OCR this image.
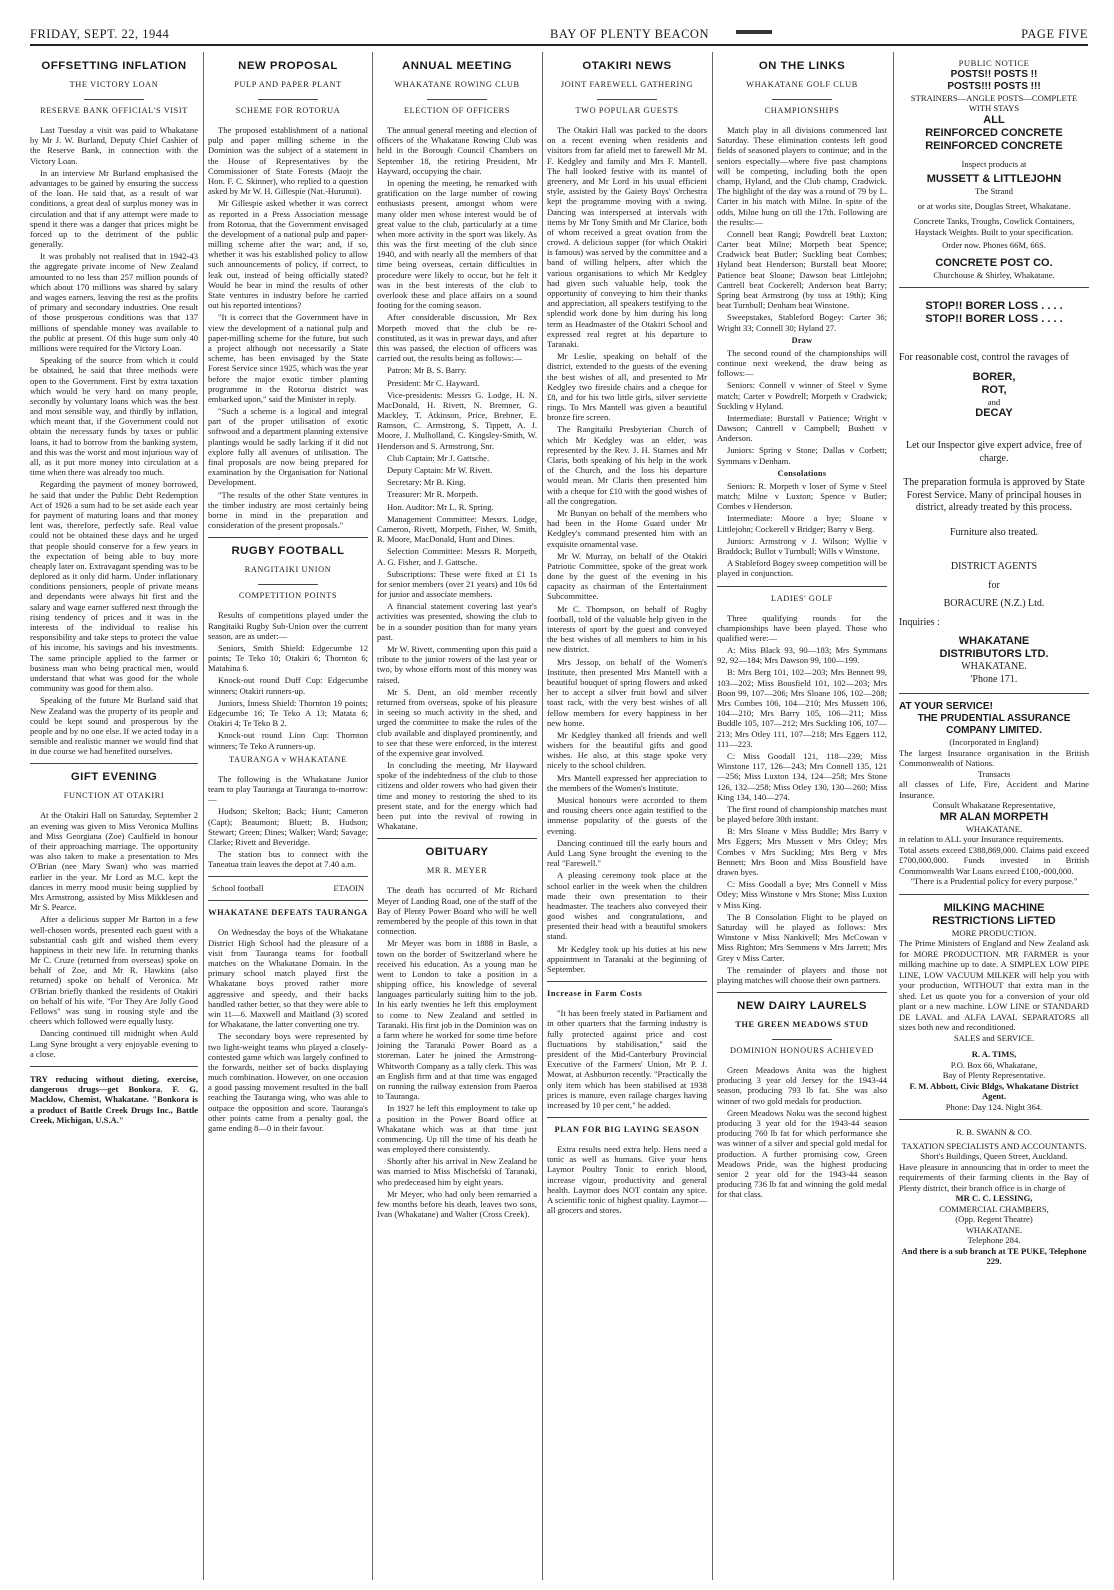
FRIDAY, SEPT. 22, 1944	BAY OF PLENTY BEACON	PAGE FIVE
OFFSETTING INFLATION
THE VICTORY LOAN
RESERVE BANK OFFICIAL'S VISIT

Last Tuesday a visit was paid to Whakatane by Mr J. W. Burland, Deputy Chief Cashier of the Reserve Bank, in connection with the Victory Loan.

In an interview Mr Burland emphasised the advantages to be gained by ensuring the success of the loan. He said that, as a result of war conditions, a great deal of surplus money was in circulation and that if any attempt were made to spend it there was a danger that prices might be forced up to the detriment of the public generally.

It was probably not realised that in 1942-43 the aggregate private income of New Zealand amounted to no less than 257 million pounds of which about 170 millions was shared by salary and wages earners, leaving the rest as the profits of primary and secondary industries. One result of those prosperous conditions was that 137 millions of spendable money was available to the public at present. Of this huge sum only 40 millions were required for the Victory Loan.

Speaking of the source from which it could be obtained, he said that three methods were open to the Government. First by extra taxation which would be very hard on many people, secondly by voluntary loans which was the best and most sensible way, and thirdly by inflation, which meant that, if the Government could not obtain the necessary funds by taxes or public loans, it had to borrow from the banking system, and this was the worst and most injurious way of all, as it put more money into circulation at a time when there was already too much.

Regarding the payment of money borrowed, he said that under the Public Debt Redemption Act of 1926 a sum had to be set aside each year for payment of maturing loans and that money lent was, therefore, perfectly safe. Real value could not be obtained these days and he urged that people should conserve for a few years in the expectation of being able to buy more cheaply later on. Extravagant spending was to be deplored as it only did harm. Under inflationary conditions pensioners, people of private means and dependants were always hit first and the salary and wage earner suffered next through the rising tendency of prices and it was in the interests of the individual to realise his responsibility and take steps to protect the value of his income, his savings and his investments. The same principle applied to the farmer or business man who being practical men, would understand that what was good for the whole community was good for them also.

Speaking of the future Mr Burland said that New Zealand was the property of its people and could be kept sound and prosperous by the people and by no one else. If we acted today in a sensible and realistic manner we would find that in due course we had benefited ourselves.

GIFT EVENING
FUNCTION AT OTAKIRI

At the Otakiri Hall on Saturday, September 2 an evening was given to Miss Veronica Mullins and Miss Georgiana (Zoe) Caulfield in honour of their approaching marriage. The opportunity was also taken to make a presentation to Mrs O'Brian (nee Mary Swan) who was married earlier in the year. Mr Lord as M.C. kept the dances in merry mood music being supplied by Mrs Armstrong, assisted by Miss Mikklesen and Mr S. Pearce.

After a delicious supper Mr Barton in a few well-chosen words, presented each guest with a substantial cash gift and wished them every happiness in their new life. In returning thanks Mr C. Cruze (returned from overseas) spoke on behalf of Zoe, and Mr R. Hawkins (also returned) spoke on behalf of Veronica. Mr O'Brian briefly thanked the residents of Otakiri on behalf of his wife. "For They Are Jolly Good Fellows" was sung in rousing style and the cheers which followed were equally lusty.

Dancing continued till midnight when Auld Lang Syne brought a very enjoyable evening to a close.

TRY reducing without dieting, exercise, dangerous drugs—get Bonkora. F. G. Macklow, Chemist, Whakatane. "Bonkora is a product of Battle Creek Drugs Inc., Battle Creek, Michigan, U.S.A."

NEW PROPOSAL
PULP AND PAPER PLANT
SCHEME FOR ROTORUA

The proposed establishment of a national pulp and paper milling scheme in the Dominion was the subject of a statement in the House of Representatives by the Commissioner of State Forests (Maojr the Hon. F. C. Skinner), who replied to a question asked by Mr W. H. Gillespie (Nat.-Hurunui).

Mr Gillespie asked whether it was correct as reported in a Press Association message from Rotorua, that the Government envisaged the development of a national pulp and paper-milling scheme after the war; and, if so, whether it was his established policy to allow such announcements of policy, if correct, to leak out, instead of being officially stated? Would he bear in mind the results of other State ventures in industry before he carried out his reported intentions?

"It is correct that the Government have in view the development of a national pulp and paper-milling scheme for the future, but such a project although not necessarily a State scheme, has been envisaged by the State Forest Service since 1925, which was the year before the major exotic timber planting programme in the Rotorua district was embarked upon," said the Minister in reply.

"Such a scheme is a logical and integral part of the proper utilisation of exotic softwood and a department planning extensive plantings would be sadly lacking if it did not explore fully all avenues of utilisation. The final proposals are now being prepared for examination by the Organisation for National Development.

"The results of the other State ventures in the timber industry are most certainly being borne in mind in the preparation and consideration of the present proposals."

RUGBY FOOTBALL
RANGITAIKI UNION
COMPETITION POINTS

Results of competitions played under the Rangitaiki Rugby Sub-Union over the current season, are as under:—

Seniors, Smith Shield: Edgecumbe 12 points; Te Teko 10; Otakiri 6; Thornton 6; Matahina 6.

Knock-out round Duff Cup: Edgecumbe winners; Otakiri runners-up.

Juniors, Inness Shield: Thornton 19 points; Edgecumbe 16; Te Teko A 13; Matata 6; Otakiri 4; Te Teko B 2.

Knock-out round Lion Cup: Thornton winners; Te Teko A runners-up.

TAURANGA v WHAKATANE

The following is the Whakatane Junior team to play Tauranga at Tauranga to-morrow:—

Hudson; Skelton; Back; Hunt; Cameron (Capt); Beaumont; Bluett; B. Hudson; Stewart; Green; Dines; Walker; Ward; Savage; Clarke; Rivett and Beveridge.

The station bus to connect with the Taneatua train leaves the depot at 7.40 a.m.

School football	ETAOIN
WHAKATANE DEFEATS TAURANGA

On Wednesday the boys of the Whakatane District High School had the pleasure of a visit from Tauranga teams for football matches on the Whakatane Domain. In the primary school match played first the Whakatane boys proved rather more aggressive and speedy, and their backs handled rather better, so that they were able to win 11—6. Maxwell and Maitland (3) scored for Whakatane, the latter converting one try.

The secondary boys were represented by two light-weight teams who played a closely-contested game which was largely confined to the forwards, neither set of backs displaying much combination. However, on one occasion a good passing movement resulted in the ball reaching the Tauranga wing, who was able to outpace the opposition and score. Tauranga's other points came from a penalty goal, the game ending 8—0 in their favour.

ANNUAL MEETING
WHAKATANE ROWING CLUB
ELECTION OF OFFICERS

The annual general meeting and election of officers of the Whakatane Rowing Club was held in the Borough Council Chambers on September 18, the retiring President, Mr Hayward, occupying the chair.

In opening the meeting, he remarked with gratification on the large number of rowing enthusiasts present, amongst whom were many older men whose interest would be of great value to the club, particularly at a time when more activity in the sport was likely. As this was the first meeting of the club since 1940, and with nearly all the members of that time being overseas, certain difficulties in procedure were likely to occur, but he felt it was in the best interests of the club to overlook these and place affairs on a sound footing for the coming season.

After considerable discussion, Mr Rex Morpeth moved that the club be re-constituted, as it was in prewar days, and after this was passed, the election of officers was carried out, the results being as follows:—

Patron: Mr B. S. Barry.

President: Mr C. Hayward.

Vice-presidents: Messrs G. Lodge, H. N. MacDonald, H. Rivett, N. Bremner, G. Mackley, T. Atkinson, Price, Brebner, E. Ramson, C. Armstrong, S. Tippett, A. J. Moore, J. Mulholland, C. Kingsley-Smith, W. Henderson and S. Armstrong, Snr.

Club Captain: Mr J. Gattsche.

Deputy Captain: Mr W. Rivett.

Secretary: Mr B. King.

Treasurer: Mr R. Morpeth.

Hon. Auditor: Mr L. R. Spring.

Management Committee: Messrs. Lodge, Cameron, Rivett, Morpeth, Fisher, W. Smith, R. Moore, MacDonald, Hunt and Dines.

Selection Committee: Messrs R. Morpeth, A. G. Fisher, and J. Gattsche.

Subscriptions: These were fixed at £1 1s for senior members (over 21 years) and 10s 6d for junior and associate members.

A financial statement covering last year's activities was presented, showing the club to be in a sounder position than for many years past.

Mr W. Rivett, commenting upon this paid a tribute to the junior rowers of the last year or two, by whose efforts most of this money was raised.

Mr S. Dent, an old member recently returned from overseas, spoke of his pleasure in seeing so much activity in the shed, and urged the committee to make the rules of the club available and displayed prominently, and to see that these were enforced, in the interest of the expensive gear involved.

In concluding the meeting, Mr Hayward spoke of the indebtedness of the club to those citizens and older rowers who had given their time and money to restoring the shed to its present state, and for the energy which had been put into the revival of rowing in Whakatane.

OBITUARY
MR R. MEYER

The death has occurred of Mr Richard Meyer of Landing Road, one of the staff of the Bay of Plenty Power Board who will be well remembered by the people of this town in that connection.

Mr Meyer was born in 1888 in Basle, a town on the border of Switzerland where he received his education. As a young man he went to London to take a position in a shipping office, his knowledge of several languages particularly suiting him to the job. In his early twenties he left this employment to come to New Zealand and settled in Taranaki. His first job in the Dominion was on a farm where he worked for some time before joining the Taranaki Power Board as a storeman. Later he joined the Armstrong-Whitworth Company as a tally clerk. This was an English firm and at that time was engaged on running the railway extension from Paeroa to Tauranga.

In 1927 he left this employment to take up a position in the Power Board office at Whakatane which was at that time just commencing. Up till the time of his death he was employed there consistently.

Shortly after his arrival in New Zealand he was married to Miss Mischefski of Taranaki, who predeceased him by eight years.

Mr Meyer, who had only been remarried a few months before his death, leaves two sons, Ivan (Whakatane) and Walter (Cross Creek).

OTAKIRI NEWS
JOINT FAREWELL GATHERING
TWO POPULAR GUESTS

The Otakiri Hall was packed to the doors on a recent evening when residents and visitors from far afield met to farewell Mr M. F. Kedgley and family and Mrs F. Mantell. The hall looked festive with its mantel of greenery, and Mr Lord in his usual efficient style, assisted by the Gaiety Boys' Orchestra kept the programme moving with a swing. Dancing was interspersed at intervals with items by Mr Tony Smith and Mr Clarice, both of whom received a great ovation from the crowd. A delicious supper (for which Otakiri is famous) was served by the committee and a band of willing helpers, after which the various organisations to which Mr Kedgley had given such valuable help, took the opportunity of conveying to him their thanks and appreciation, all speakers testifying to the splendid work done by him during his long term as Headmaster of the Otakiri School and expressed real regret at his departure to Taranaki.

Mr Leslie, speaking on behalf of the district, extended to the guests of the evening the best wishes of all, and presented to Mr Kedgley two fireside chairs and a cheque for £8, and for his two little girls, silver serviette rings. To Mrs Mantell was given a beautiful bronze fire screen.

The Rangitaiki Presbyterian Church of which Mr Kedgley was an elder, was represented by the Rev. J. H. Starnes and Mr Claris, both speaking of his help in the work of the Church, and the loss his departure would mean. Mr Claris then presented him with a cheque for £10 with the good wishes of all the congregation.

Mr Bunyan on behalf of the members who had been in the Home Guard under Mr Kedgley's command presented him with an exquisite ornamental vase.

Mr W. Murray, on behalf of the Otakiri Patriotic Committee, spoke of the great work done by the guest of the evening in his capacity as chairman of the Entertainment Subcommittee.

Mr C. Thompson, on behalf of Rugby football, told of the valuable help given in the interests of sport by the guest and conveyed the best wishes of all members to him in his new district.

Mrs Jessop, on behalf of the Women's Institute, then presented Mrs Mantell with a beautiful bouquet of spring flowers and asked her to accept a silver fruit bowl and silver toast rack, with the very best wishes of all fellow members for every happiness in her new home.

Mr Kedgley thanked all friends and well wishers for the beautiful gifts and good wishes. He also, at this stage spoke very nicely to the school children.

Mrs Mantell expressed her appreciation to the members of the Women's Institute.

Musical honours were accorded to them and rousing cheers once again testified to the immense popularity of the guests of the evening.

Dancing continued till the early hours and Auld Lang Syne brought the evening to the real "Farewell."

A pleasing ceremony took place at the school earlier in the week when the children made their own presentation to their headmaster. The teachers also conveyed their good wishes and congratulations, and presented their head with a beautiful smokers stand.

Mr Kedgley took up his duties at his new appointment in Taranaki at the beginning of September.

Increase in Farm Costs

"It has been freely stated in Parliament and in other quarters that the farming industry is fully protected against price and cost fluctuations by stabilisation," said the president of the Mid-Canterbury Provincial Executive of the Farmers' Union, Mr P. J. Mowat, at Ashburton recently. "Practically the only item which has been stabilised at 1938 prices is manure, even railage charges having increased by 10 per cent," he added.

PLAN FOR BIG LAYING SEASON

Extra results need extra help. Hens need a tonic as well as humans. Give your hens Laymor Poultry Tonic to enrich blood, increase vigour, productivity and general health. Laymor does NOT contain any spice. A scientific tonic of highest quality. Laymor—all grocers and stores.

ON THE LINKS
WHAKATANE GOLF CLUB
CHAMPIONSHIPS

Match play in all divisions commenced last Saturday. These elimination contests left good fields of seasoned players to continue; and in the seniors especially—where five past champions will be competing, including both the open champ, Hyland, and the Club champ, Cradwick. The highlight of the day was a round of 79 by L. Carter in his match with Milne. In spite of the odds, Milne hung on till the 17th. Following are the results:—

Connell beat Rangi; Powdrell beat Luxton; Carter beat Milne; Morpeth beat Spence; Cradwick beat Butler; Suckling beat Combes; Hyland beat Henderson; Burstall beat Moore; Patience beat Sloane; Dawson beat Littlejohn; Cantrell beat Cockerell; Anderson beat Barry; Spring beat Armstrong (by toss at 19th); King beat Turnbull; Denham beat Winstone.

Sweepstakes, Stableford Bogey: Carter 36; Wright 33; Connell 30; Hyland 27.

Draw

The second round of the championships will continue next weekend, the draw being as follows:—

Seniors: Connell v winner of Steel v Syme match; Carter v Powdrell; Morpeth v Cradwick; Suckling v Hyland.

Intermediate: Burstall v Patience; Wright v Dawson; Cantrell v Campbell; Bushett v Anderson.

Juniors: Spring v Stone; Dallas v Corbett; Symmans v Denham.

Consolations

Seniors: R. Morpeth v loser of Syme v Steel match; Milne v Luxton; Spence v Butler; Combes v Henderson.

Intermediate: Moore a bye; Sloane v Littlejohn; Cockerell v Bridger; Barry v Berg.

Juniors: Armstrong v J. Wilson; Wyllie v Braddock; Bullot v Turnbull; Wills v Winstone.

A Stableford Bogey sweep competition will be played in conjunction.

LADIES' GOLF

Three qualifying rounds for the championships have been played. Those who qualified were:—

A: Miss Black 93, 90—183; Mrs Symmans 92, 92—184; Mrs Dawson 99, 100—199.

B: Mrs Berg 101, 102—203; Mrs Bennett 99, 103—202; Miss Bousfield 101, 102—203; Mrs Boon 99, 107—206; Mrs Sloane 106, 102—208; Mrs Combes 106, 104—210; Mrs Mussett 106, 104—210; Mrs Barry 105, 106—211; Miss Buddle 105, 107—212; Mrs Suckling 106, 107—213; Mrs Otley 111, 107—218; Mrs Eggers 112, 111—223.

C: Miss Goodall 121, 118—239; Miss Winstone 117, 126—243; Mrs Connell 135, 121—256; Miss Luxton 134, 124—258; Mrs Stone 126, 132—258; Miss Otley 130, 130—260; Miss King 134, 140—274.

The first round of championship matches must be played before 30th instant.

B: Mrs Sloane v Miss Buddle; Mrs Barry v Mrs Eggers; Mrs Mussett v Mrs Otley; Mrs Combes v Mrs Suckling; Mrs Berg v Mrs Bennett; Mrs Boon and Miss Bousfield have drawn byes.

C: Miss Goodall a bye; Mrs Connell v Miss Otley; Miss Winstone v Mrs Stone; Miss Luxton v Miss King.

The B Consolation Flight to be played on Saturday will be played as follows: Mrs Winstone v Miss Nankivell; Mrs McCowan v Miss Righton; Mrs Semmens v Mrs Jarrett; Mrs Grey v Miss Carter.

The remainder of players and those not playing matches will choose their own partners.

NEW DAIRY LAURELS
THE GREEN MEADOWS STUD
DOMINION HONOURS ACHIEVED

Green Meadows Anita was the highest producing 3 year old Jersey for the 1943-44 season, producing 793 lb fat. She was also winner of two gold medals for production.

Green Meadows Noku was the second highest producing 3 year old for the 1943-44 season producing 760 lb fat for which performance she was winner of a silver and special gold medal for production. A further promising cow, Green Meadows Pride, was the highest producing senior 2 year old for the 1943-44 season producing 736 lb fat and winning the gold medal for that class.

PUBLIC NOTICE
POSTS!! POSTS !!
POSTS!!! POSTS !!!
STRAINERS—ANGLE POSTS—COMPLETE WITH STAYS
ALL
REINFORCED CONCRETE
REINFORCED CONCRETE
Inspect products at
MUSSETT & LITTLEJOHN
The Strand
or at works site, Douglas Street, Whakatane.
Concrete Tanks, Troughs, Cowlick Containers, Haystack Weights. Built to your specification.
Order now. Phones 66M, 66S.
CONCRETE POST CO.
Churchouse & Shirley, Whakatane.
STOP!! BORER LOSS . . . .
STOP!! BORER LOSS . . . .
For reasonable cost, control the ravages of
BORER,
ROT,
and
DECAY
Let our Inspector give expert advice, free of charge.
The preparation formula is approved by State Forest Service. Many of principal houses in district, already treated by this process.
Furniture also treated.
DISTRICT AGENTS
for
BORACURE (N.Z.) Ltd.
Inquiries :
WHAKATANE
DISTRIBUTORS LTD.
WHAKATANE.
'Phone 171.
AT YOUR SERVICE!
THE PRUDENTIAL ASSURANCE COMPANY LIMITED.
(Incorporated in England)
The largest Insurance organisation in the British Commonwealth of Nations.
Transacts
all classes of Life, Fire, Accident and Marine Insurance.
Consult Whakatane Representative,
MR ALAN MORPETH
WHAKATANE.
in relation to ALL your Insurance requirements.
Total assets exceed £388,869,000. Claims paid exceed £700,000,000. Funds invested in British Commonwealth War Loans exceed £100,-000,000.
"There is a Prudential policy for every purpose."
MILKING MACHINE
RESTRICTIONS LIFTED
MORE PRODUCTION.
The Prime Ministers of England and New Zealand ask for MORE PRODUCTION. MR FARMER is your milking machine up to date. A SIMPLEX LOW PIPE LINE, LOW VACUUM MILKER will help you with your production, WITHOUT that extra man in the shed. Let us quote you for a conversion of your old plant or a new machine. LOW LINE or STANDARD DE LAVAL and ALFA LAVAL SEPARATORS all sizes both new and reconditioned.
SALES and SERVICE.
R. A. TIMS,
P.O. Box 66, Whakatane,
Bay of Plenty Representative.
F. M. Abbott, Civic Bldgs, Whakatane District Agent.
Phone: Day 124. Night 364.
R. B. SWANN & CO.
TAXATION SPECIALISTS AND ACCOUNTANTS.
Short's Buildings, Queen Street, Auckland.
Have pleasure in announcing that in order to meet the requirements of their farming clients in the Bay of Plenty district, their branch office is in charge of
MR C. C. LESSING,
COMMERCIAL CHAMBERS,
(Opp. Regent Theatre)
WHAKATANE.
Telephone 284.
And there is a sub branch at TE PUKE, Telephone 229.
